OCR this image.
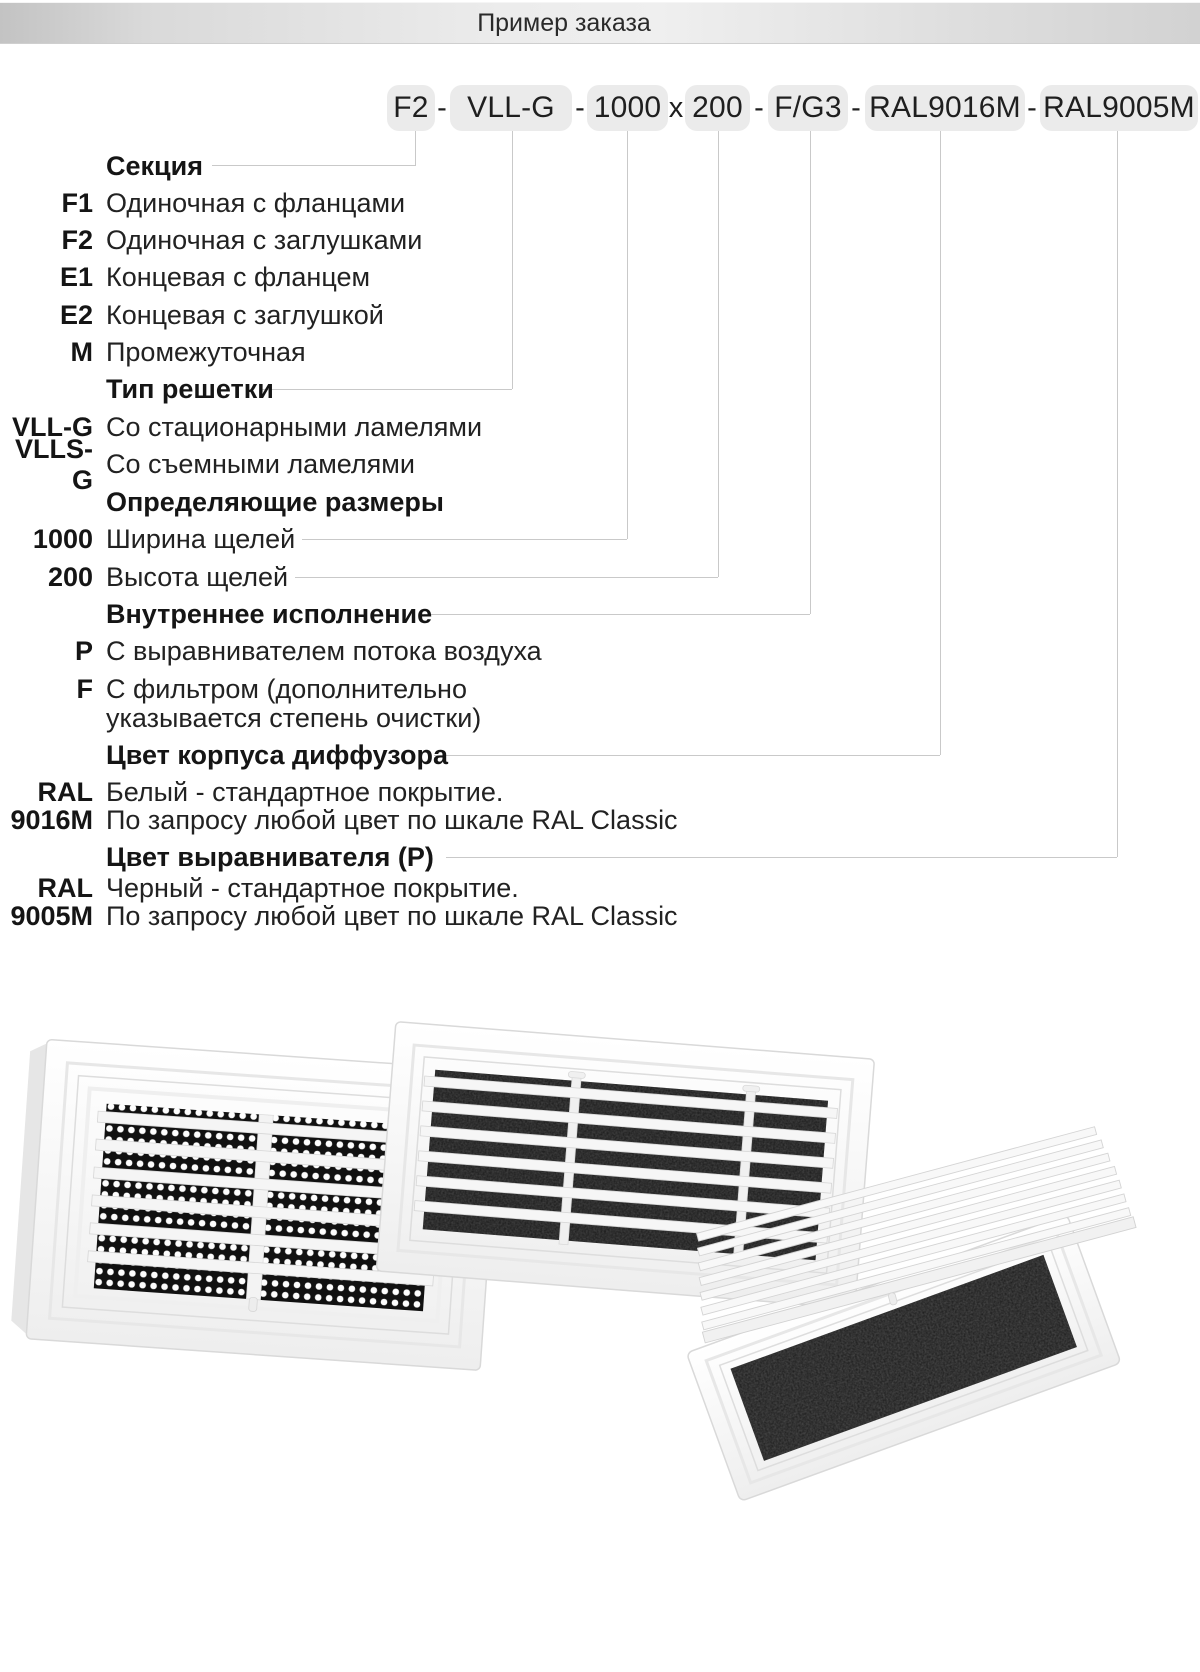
Пример заказа
F2 - VLL-G - 1000 x 200 - F/G3 - RAL9016M - RAL9005M
Секция
F1 Одиночная с фланцами
F2 Одиночная с заглушками
E1 Концевая с фланцем
E2 Концевая с заглушкой
M Промежуточная
Тип решетки
VLL-G Со стационарными ламелями
VLLS-G
Со съемными ламелями
Определяющие размеры
1000 Ширина щелей
200 Высота щелей
Внутреннее исполнение
P С выравнивателем потока воздуха
F С фильтром (дополнительно
указывается степень очистки)
Цвет корпуса диффузора
RAL
9016M
Белый - стандартное покрытие.
По запросу любой цвет по шкале RAL Classic
Цвет выравнивателя (P)
RAL
9005M
Черный - стандартное покрытие.
По запросу любой цвет по шкале RAL Classic
